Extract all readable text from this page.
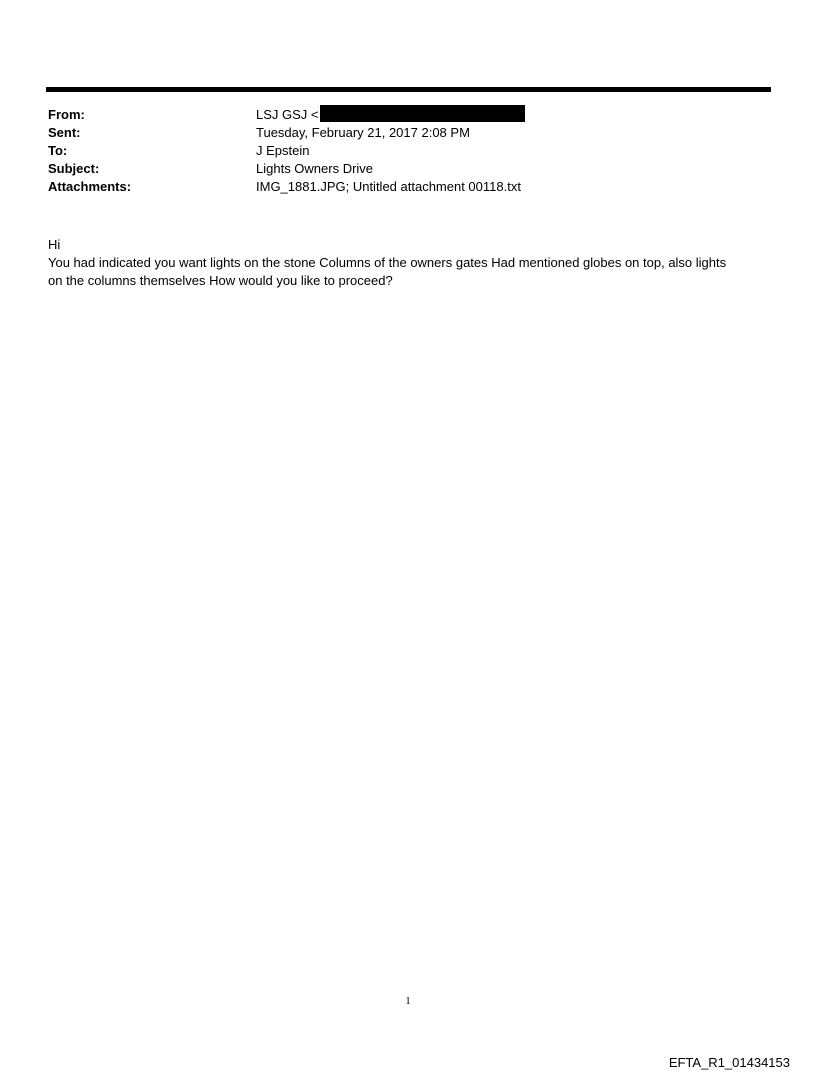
From:	LSJ GSJ <
Sent:	Tuesday, February 21, 2017 2:08 PM
To:	J Epstein
Subject:	Lights Owners Drive
Attachments:	IMG_1881.JPG; Untitled attachment 00118.txt
Hi
You had indicated you want lights on the stone Columns of the owners gates Had mentioned globes on top, also lights
on the columns themselves How would you like to proceed?
1
EFTA_R1_01434153
